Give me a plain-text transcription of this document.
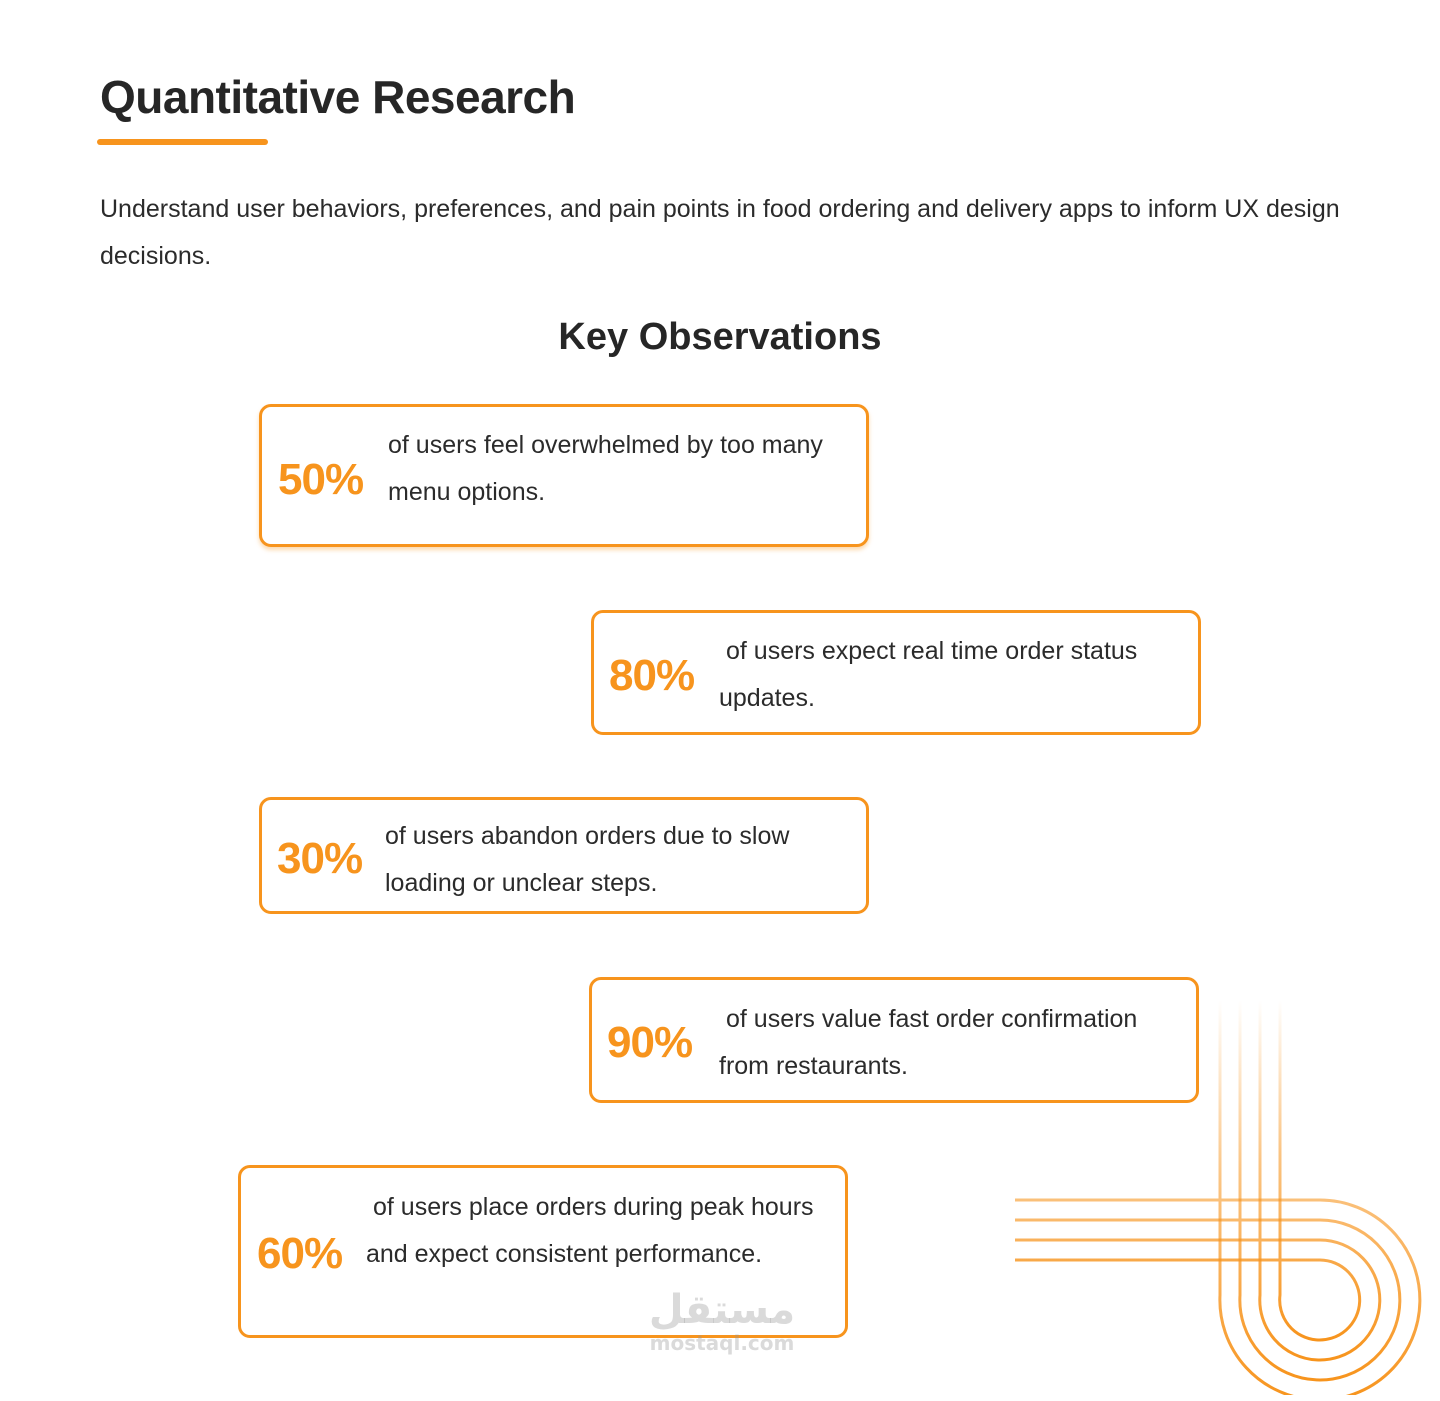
Quantitative Research

Understand user behaviors, preferences, and pain points in food ordering and delivery apps to inform UX design decisions.

Key Observations
50%

of users feel overwhelmed by too many menu options.

80% of users expect real time order status updates.

30% of users abandon orders due to slow loading or unclear steps.

90% of users value fast order confirmation from restaurants.

60%

of users place orders during peak hours and expect consistent performance.

مستقل
mostaql.com
